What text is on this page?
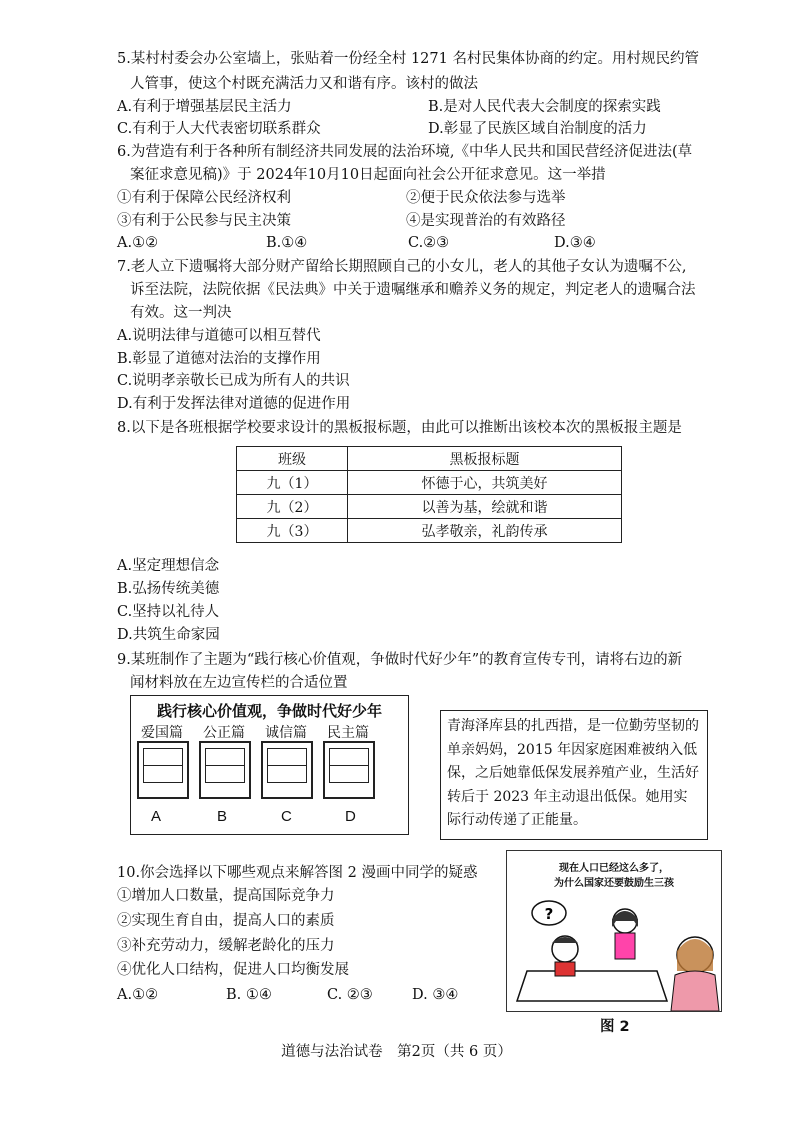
5.某村村委会办公室墙上，张贴着一份经全村 1271 名村民集体协商的约定。用村规民约管
人管事，使这个村既充满活力又和谐有序。该村的做法
A.有利于增强基层民主活力	B.是对人民代表大会制度的探索实践
C.有利于人大代表密切联系群众	D.彰显了民族区域自治制度的活力
6.为营造有利于各种所有制经济共同发展的法治环境,《中华人民共和国民营经济促进法(草
案征求意见稿)》于 2024年10月10日起面向社会公开征求意见。这一举措
①有利于保障公民经济权利	②便于民众依法参与选举
③有利于公民参与民主决策	④是实现普治的有效路径
A.①②	B.①④	C.②③	D.③④
7.老人立下遗嘱将大部分财产留给长期照顾自己的小女儿，老人的其他子女认为遗嘱不公,
诉至法院，法院依据《民法典》中关于遗嘱继承和赡养义务的规定，判定老人的遗嘱合法
有效。这一判决
A.说明法律与道德可以相互替代
B.彰显了道德对法治的支撑作用
C.说明孝亲敬长已成为所有人的共识
D.有利于发挥法律对道德的促进作用
8.以下是各班根据学校要求设计的黑板报标题，由此可以推断出该校本次的黑板报主题是
班级	黑板报标题
九（1）	怀德于心，共筑美好
九（2）	以善为基，绘就和谐
九（3）	弘孝敬亲，礼韵传承
A.坚定理想信念
B.弘扬传统美德
C.坚持以礼待人
D.共筑生命家园
9.某班制作了主题为“践行核心价值观，争做时代好少年”的教育宣传专刊，请将右边的新
闻材料放在左边宣传栏的合适位置
践行核心价值观，争做时代好少年
爱国篇 公正篇 诚信篇 民主篇
A	B	C	D
青海泽库县的扎西措，是一位勤劳坚韧的单亲妈妈，2015 年因家庭困难被纳入低保，之后她靠低保发展养殖产业，生活好转后于 2023 年主动退出低保。她用实际行动传递了正能量。
10.你会选择以下哪些观点来解答图 2 漫画中同学的疑惑
①增加人口数量，提高国际竞争力
②实现生育自由，提高人口的素质
③补充劳动力，缓解老龄化的压力
④优化人口结构，促进人口均衡发展
A.①②	B. ①④	C. ②③	D. ③④
现在人口已经这么多了，
为什么国家还要鼓励生三孩
?
图 2
道德与法治试卷　第2页（共 6 页）
